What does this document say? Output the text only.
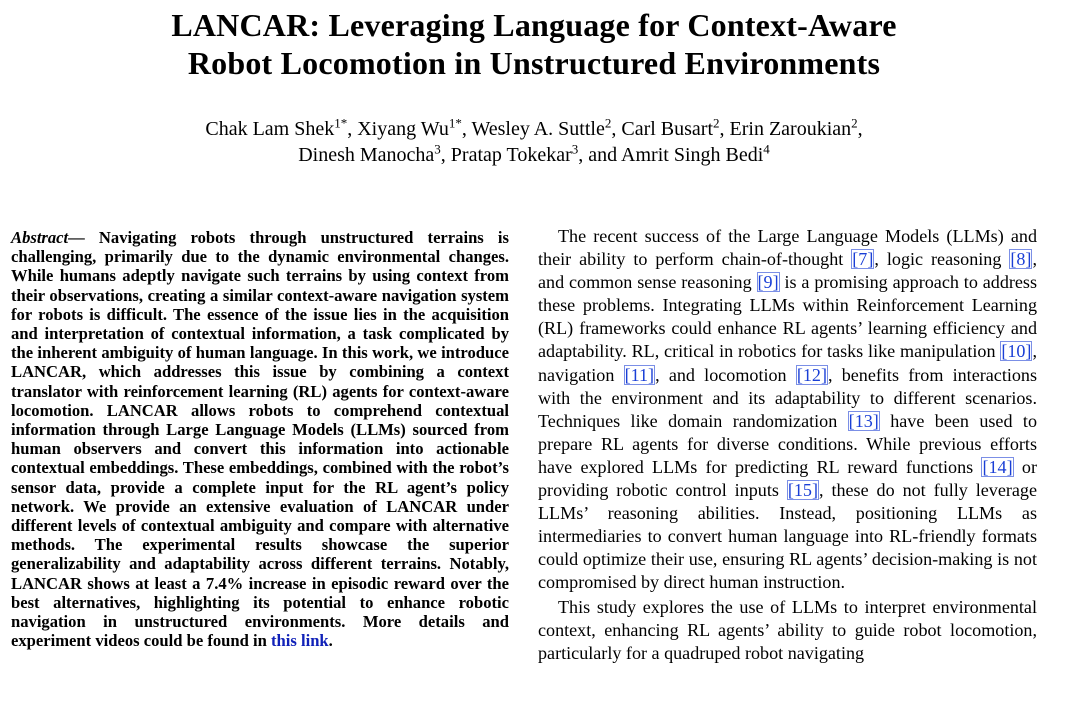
LANCAR: Leveraging Language for Context-Aware
Robot Locomotion in Unstructured Environments
Chak Lam Shek$^{1*}$, Xiyang $Wu^{1*}$, Wesley A. Suttle$^2$, Carl Busart$^2$, Erin Zaroukian$^2$,
Dinesh Manocha$^3$, Pratap Tokekar$^3$, and Amrit Singh Bedi$^4$
Abstract— Navigating robots through unstructured terrains is challenging, primarily due to the dynamic environmental changes. While humans adeptly navigate such terrains by using context from their observations, creating a similar context-aware navigation system for robots is difficult. The essence of the issue lies in the acquisition and interpretation of contextual information, a task complicated by the inherent ambiguity of human language. In this work, we introduce LANCAR, which addresses this issue by combining a context translator with reinforcement learning (RL) agents for context-aware locomotion. LANCAR allows robots to comprehend contextual information through Large Language Models (LLMs) sourced from human observers and convert this information into actionable contextual embeddings. These embeddings, combined with the robot’s sensor data, provide a complete input for the RL agent’s policy network. We provide an extensive evaluation of LANCAR under different levels of contextual ambiguity and compare with alternative methods. The experimental results showcase the superior generalizability and adaptability across different terrains. Notably, LANCAR shows at least a 7.4% increase in episodic reward over the best alternatives, highlighting its potential to enhance robotic navigation in unstructured environments. More details and experiment videos could be found in this link.

The recent success of the Large Language Models (LLMs) and their ability to perform chain-of-thought [7], logic reasoning [8], and common sense reasoning [9] is a promising approach to address these problems. Integrating LLMs within Reinforcement Learning (RL) frameworks could enhance RL agents’ learning efficiency and adaptability. RL, critical in robotics for tasks like manipulation [10], navigation [11], and locomotion [12], benefits from interactions with the environment and its adaptability to different scenarios. Techniques like domain randomization [13] have been used to prepare RL agents for diverse conditions. While previous efforts have explored LLMs for predicting RL reward functions [14] or providing robotic control inputs [15], these do not fully leverage LLMs’ reasoning abilities. Instead, positioning LLMs as intermediaries to convert human language into RL-friendly formats could optimize their use, ensuring RL agents’ decision-making is not compromised by direct human instruction.

This study explores the use of LLMs to interpret environmental context, enhancing RL agents’ ability to guide robot locomotion, particularly for a quadruped robot navigating
